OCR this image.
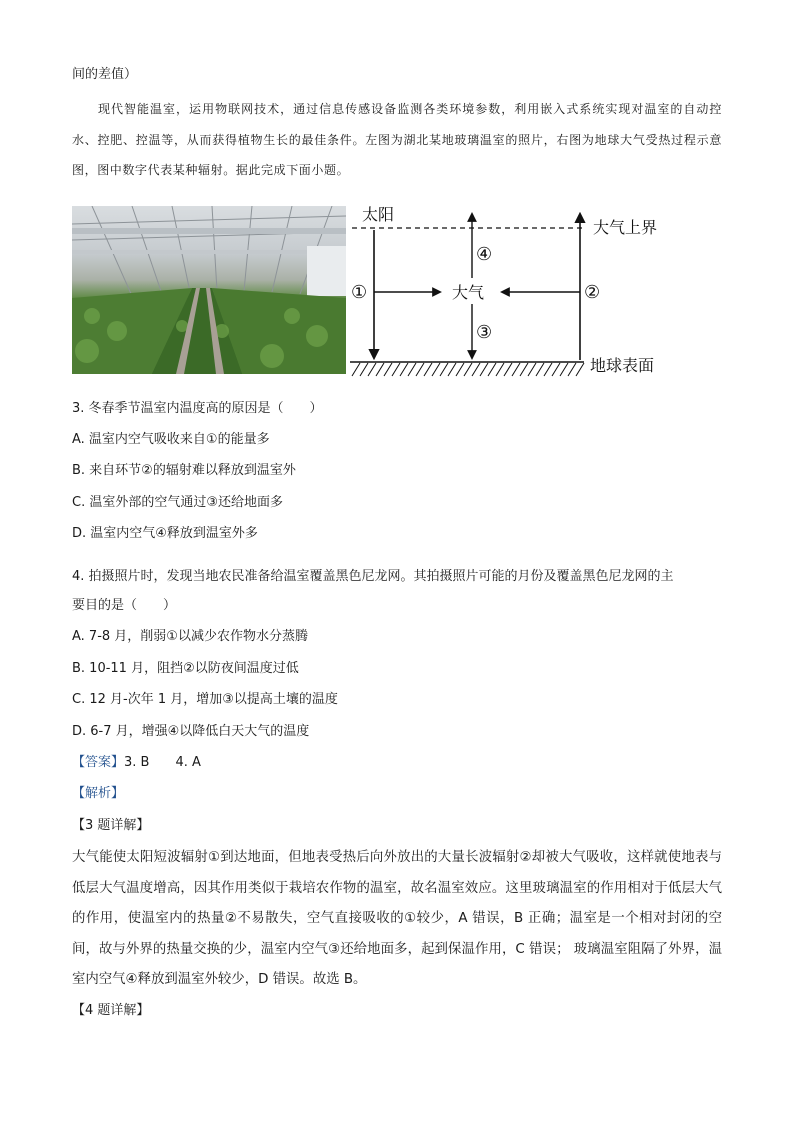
间的差值）
现代智能温室，运用物联网技术，通过信息传感设备监测各类环境参数，利用嵌入式系统实现对温室的自动控水、控肥、控温等，从而获得植物生长的最佳条件。左图为湖北某地玻璃温室的照片，右图为地球大气受热过程示意图，图中数字代表某种辐射。据此完成下面小题。
太阳
大气上界
大气
地球表面
①	②
③
④
3. 冬春季节温室内温度高的原因是（　　）
A. 温室内空气吸收来自①的能量多
B. 来自环节②的辐射难以释放到温室外
C. 温室外部的空气通过③还给地面多
D. 温室内空气④释放到温室外多
4. 拍摄照片时，发现当地农民准备给温室覆盖黑色尼龙网。其拍摄照片可能的月份及覆盖黑色尼龙网的主
要目的是（　　）
A. 7-8 月，削弱①以减少农作物水分蒸腾
B. 10-11 月，阻挡②以防夜间温度过低
C. 12 月-次年 1 月，增加③以提高土壤的温度
D. 6-7 月，增强④以降低白天大气的温度
【答案】3. B　　4. A
【解析】
【3 题详解】
大气能使太阳短波辐射①到达地面，但地表受热后向外放出的大量长波辐射②却被大气吸收，这样就使地表与低层大气温度增高，因其作用类似于栽培农作物的温室，故名温室效应。这里玻璃温室的作用相对于低层大气的作用，使温室内的热量②不易散失，空气直接吸收的①较少，A 错误，B 正确；温室是一个相对封闭的空间，故与外界的热量交换的少，温室内空气③还给地面多，起到保温作用，C 错误； 玻璃温室阻隔了外界，温室内空气④释放到温室外较少，D 错误。故选 B。
【4 题详解】
